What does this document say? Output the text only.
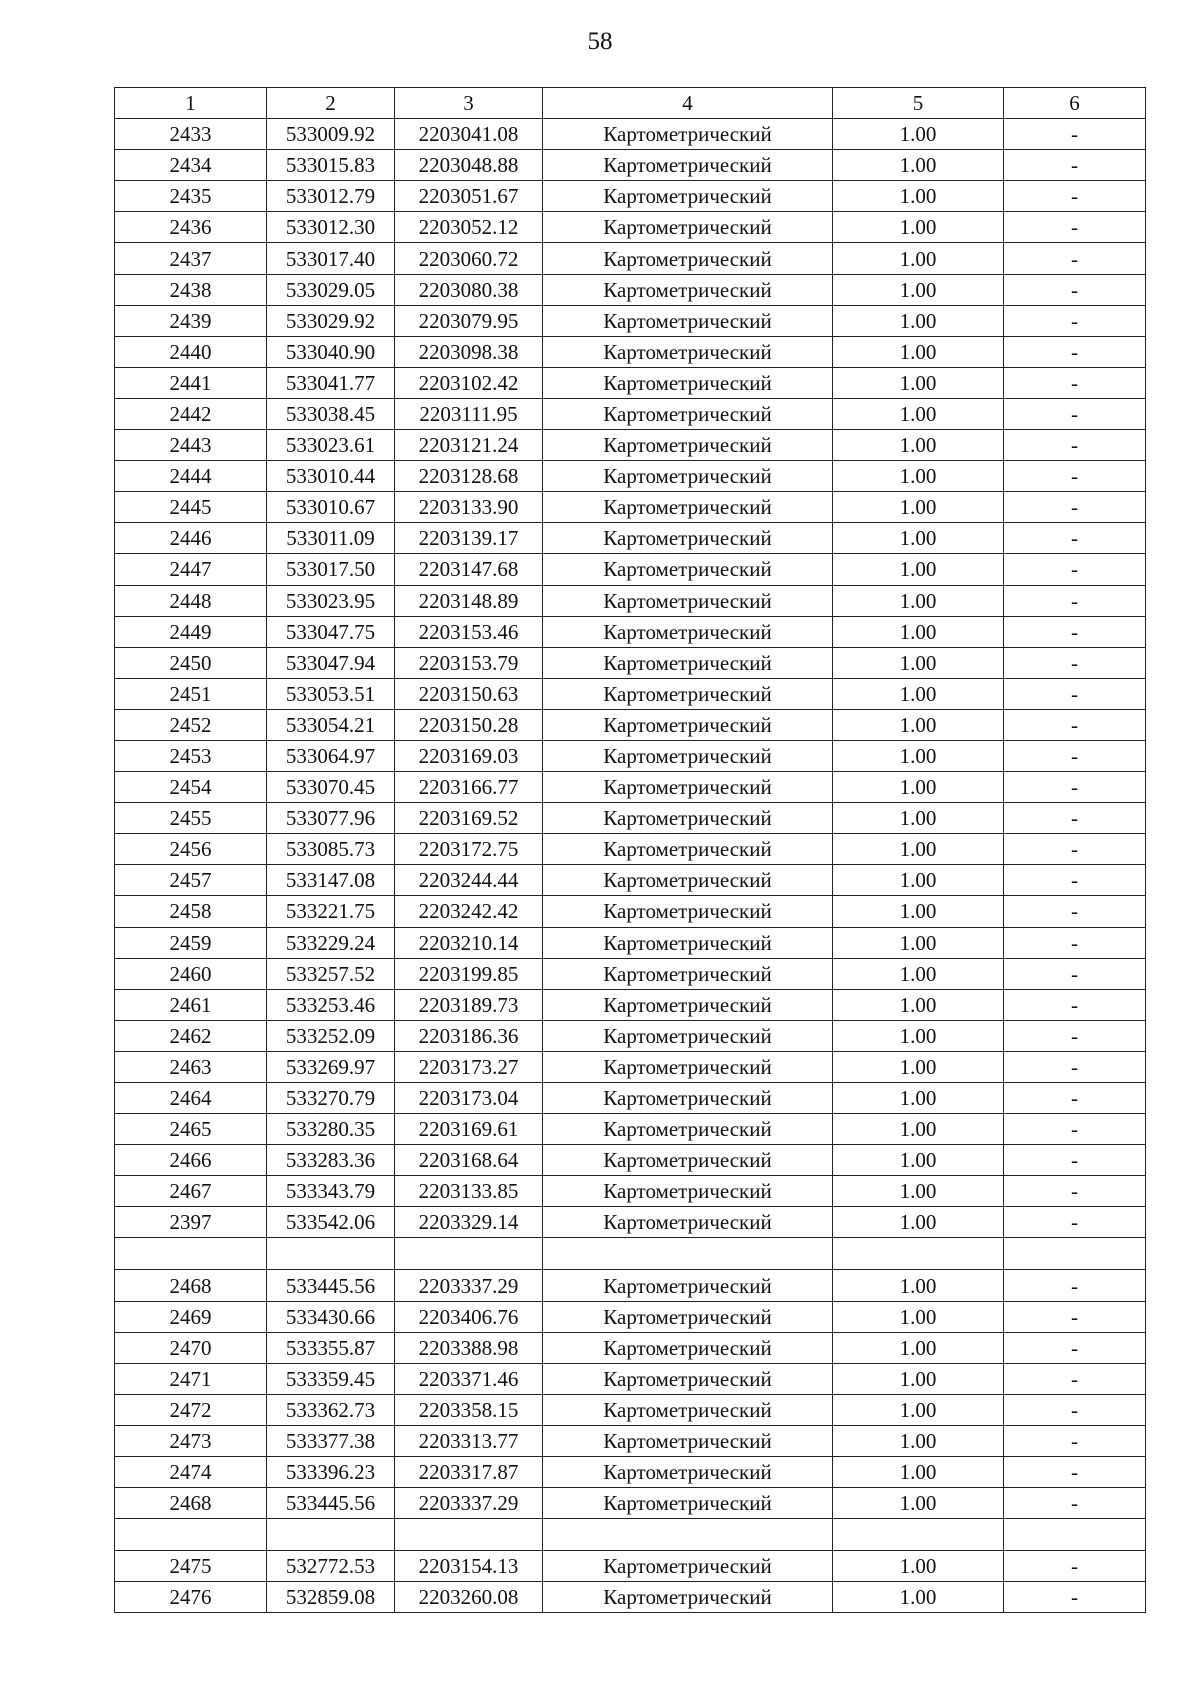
58
1	2	3	4	5	6
2433	533009.92	2203041.08	Картометрический	1.00	-
2434	533015.83	2203048.88	Картометрический	1.00	-
2435	533012.79	2203051.67	Картометрический	1.00	-
2436	533012.30	2203052.12	Картометрический	1.00	-
2437	533017.40	2203060.72	Картометрический	1.00	-
2438	533029.05	2203080.38	Картометрический	1.00	-
2439	533029.92	2203079.95	Картометрический	1.00	-
2440	533040.90	2203098.38	Картометрический	1.00	-
2441	533041.77	2203102.42	Картометрический	1.00	-
2442	533038.45	2203111.95	Картометрический	1.00	-
2443	533023.61	2203121.24	Картометрический	1.00	-
2444	533010.44	2203128.68	Картометрический	1.00	-
2445	533010.67	2203133.90	Картометрический	1.00	-
2446	533011.09	2203139.17	Картометрический	1.00	-
2447	533017.50	2203147.68	Картометрический	1.00	-
2448	533023.95	2203148.89	Картометрический	1.00	-
2449	533047.75	2203153.46	Картометрический	1.00	-
2450	533047.94	2203153.79	Картометрический	1.00	-
2451	533053.51	2203150.63	Картометрический	1.00	-
2452	533054.21	2203150.28	Картометрический	1.00	-
2453	533064.97	2203169.03	Картометрический	1.00	-
2454	533070.45	2203166.77	Картометрический	1.00	-
2455	533077.96	2203169.52	Картометрический	1.00	-
2456	533085.73	2203172.75	Картометрический	1.00	-
2457	533147.08	2203244.44	Картометрический	1.00	-
2458	533221.75	2203242.42	Картометрический	1.00	-
2459	533229.24	2203210.14	Картометрический	1.00	-
2460	533257.52	2203199.85	Картометрический	1.00	-
2461	533253.46	2203189.73	Картометрический	1.00	-
2462	533252.09	2203186.36	Картометрический	1.00	-
2463	533269.97	2203173.27	Картометрический	1.00	-
2464	533270.79	2203173.04	Картометрический	1.00	-
2465	533280.35	2203169.61	Картометрический	1.00	-
2466	533283.36	2203168.64	Картометрический	1.00	-
2467	533343.79	2203133.85	Картометрический	1.00	-
2397	533542.06	2203329.14	Картометрический	1.00	-

2468	533445.56	2203337.29	Картометрический	1.00	-
2469	533430.66	2203406.76	Картометрический	1.00	-
2470	533355.87	2203388.98	Картометрический	1.00	-
2471	533359.45	2203371.46	Картометрический	1.00	-
2472	533362.73	2203358.15	Картометрический	1.00	-
2473	533377.38	2203313.77	Картометрический	1.00	-
2474	533396.23	2203317.87	Картометрический	1.00	-
2468	533445.56	2203337.29	Картометрический	1.00	-

2475	532772.53	2203154.13	Картометрический	1.00	-
2476	532859.08	2203260.08	Картометрический	1.00	-
